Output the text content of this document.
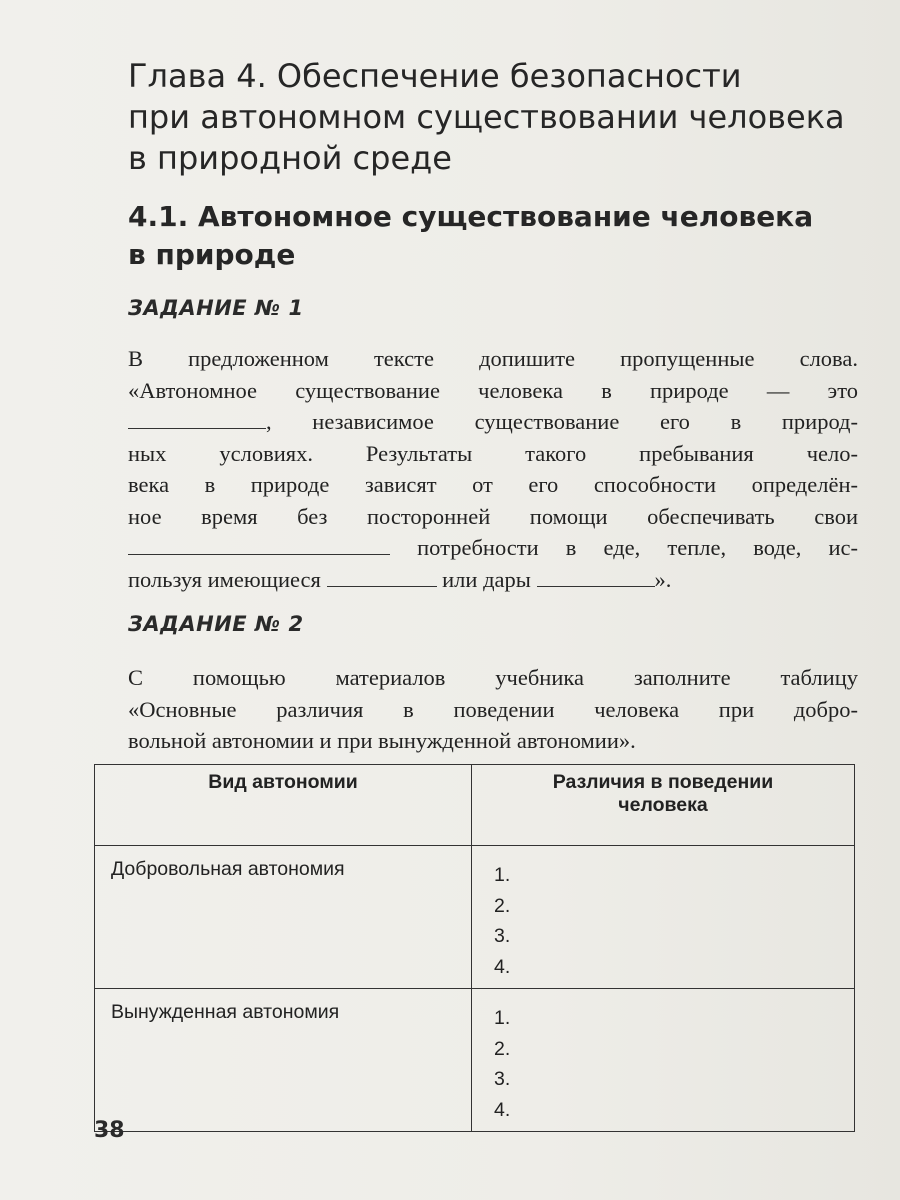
Глава 4. Обеспечение безопасности
при автономном существовании человека
в природной среде
4.1. Автономное существование человека
в природе
ЗАДАНИЕ № 1
В предложенном тексте допишите пропущенные слова.
«Автономное существование человека в природе — это
, независимое существование его в природ-
ных условиях. Результаты такого пребывания чело-
века в природе зависят от его способности определён-
ное время без посторонней помощи обеспечивать свои
потребности в еде, тепле, воде, ис-
пользуя имеющиеся	или дары	».
ЗАДАНИЕ № 2
С помощью материалов учебника заполните таблицу
«Основные различия в поведении человека при добро-
вольной автономии и при вынужденной автономии».
Вид автономии	Различия в поведении
человека

Добровольная автономия	1.
2.
3.
4.

Вынужденная автономия	1.
2.
3.
4.
38
